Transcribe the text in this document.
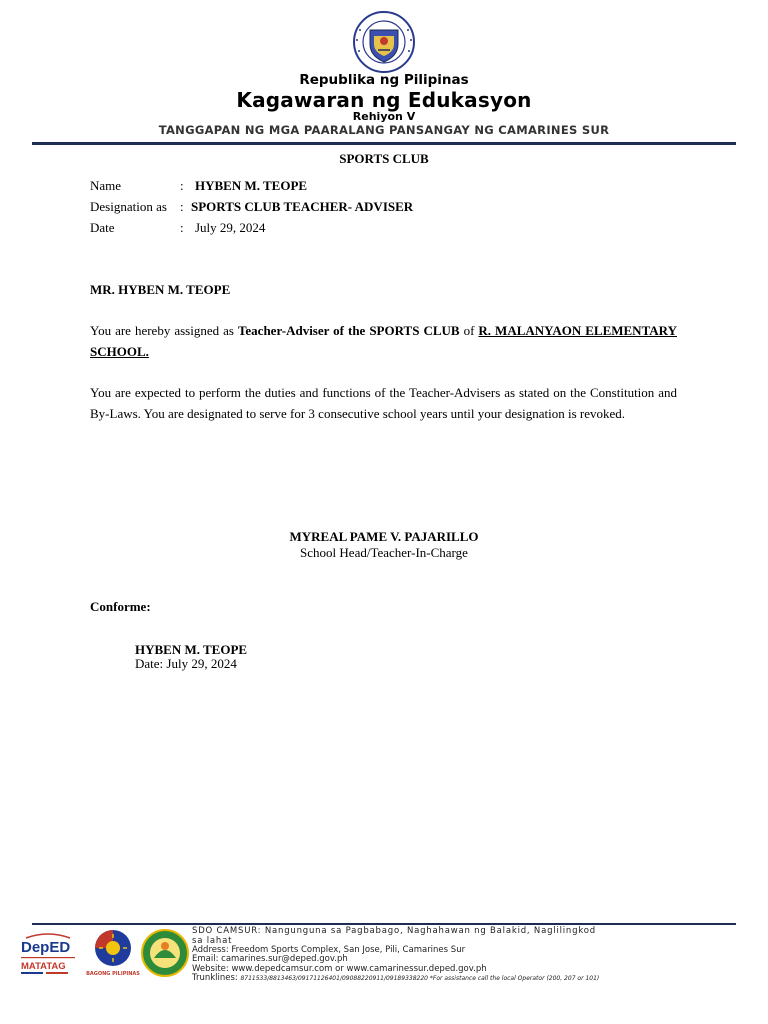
Republika ng Pilipinas
Kagawaran ng Edukasyon
Rehiyon V
TANGGAPAN NG MGA PAARALANG PANSANGAY NG CAMARINES SUR
SPORTS CLUB
Name	: HYBEN M. TEOPE
Designation as : SPORTS CLUB TEACHER- ADVISER
Date	: July 29, 2024
MR. HYBEN M. TEOPE
You are hereby assigned as Teacher-Adviser of the SPORTS CLUB of R. MALANYAON ELEMENTARY SCHOOL.
You are expected to perform the duties and functions of the Teacher-Advisers as stated on the Constitution and By-Laws. You are designated to serve for 3 consecutive school years until your designation is revoked.
MYREAL PAME V. PAJARILLO
School Head/Teacher-In-Charge
Conforme:
HYBEN M. TEOPE
Date: July 29, 2024
DepED
MATATAG
BAGONG PILIPINAS
SDO CAMSUR: Nangunguna sa Pagbabago, Naghahawan ng Balakid, Naglilingkod
sa lahat
Address: Freedom Sports Complex, San Jose, Pili, Camarines Sur
Email: camarines.sur@deped.gov.ph
Website: www.depedcamsur.com or www.camarinessur.deped.gov.ph
Trunklines: 8711533/8813463/09171126401/09088220911/09189338220 *For assistance call the local Operator (200, 207 or 101)
